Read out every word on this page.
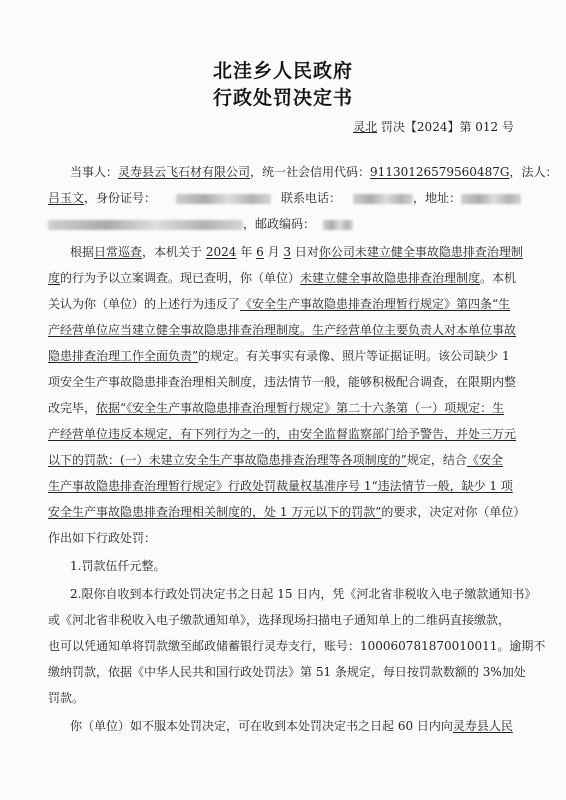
北洼乡人民政府
行政处罚决定书
灵北 罚决【2024】第 012 号
当事人：灵寿县云飞石材有限公司，统一社会信用代码：91130126579560487G，法人：
吕玉文，身份证号：	联系电话：	，地址：
，邮政编码：
根据日常巡查，本机关于 2024 年 6 月 3 日对你公司未建立健全事故隐患排查治理制
度的行为予以立案调查。现已查明，你（单位）未建立健全事故隐患排查治理制度。本机
关认为你（单位）的上述行为违反了《安全生产事故隐患排查治理暂行规定》第四条“生
产经营单位应当建立健全事故隐患排查治理制度。生产经营单位主要负责人对本单位事故
隐患排查治理工作全面负责”的规定。有关事实有录像、照片等证据证明。该公司缺少 1
项安全生产事故隐患排查治理相关制度，违法情节一般，能够积极配合调查，在限期内整
改完毕，依据“《安全生产事故隐患排查治理暂行规定》第二十六条第（一）项规定：生
产经营单位违反本规定，有下列行为之一的，由安全监督监察部门给予警告，并处三万元
以下的罚款：(一）未建立安全生产事故隐患排查治理等各项制度的”规定，结合《安全
生产事故隐患排查治理暂行规定》行政处罚裁量权基准序号 1“违法情节一般，缺少 1 项
安全生产事故隐患排查治理相关制度的，处 1 万元以下的罚款”的要求，决定对你（单位）
作出如下行政处罚：
1.罚款伍仟元整。
2.限你自收到本行政处罚决定书之日起 15 日内，凭《河北省非税收入电子缴款通知书》
或《河北省非税收入电子缴款通知单》，选择现场扫描电子通知单上的二维码直接缴款，
也可以凭通知单将罚款缴至邮政储蓄银行灵寿支行，账号：100060781870010011。逾期不
缴纳罚款，依据《中华人民共和国行政处罚法》第 51 条规定，每日按罚款数额的 3%加处
罚款。
你（单位）如不服本处罚决定，可在收到本处罚决定书之日起 60 日内向灵寿县人民
